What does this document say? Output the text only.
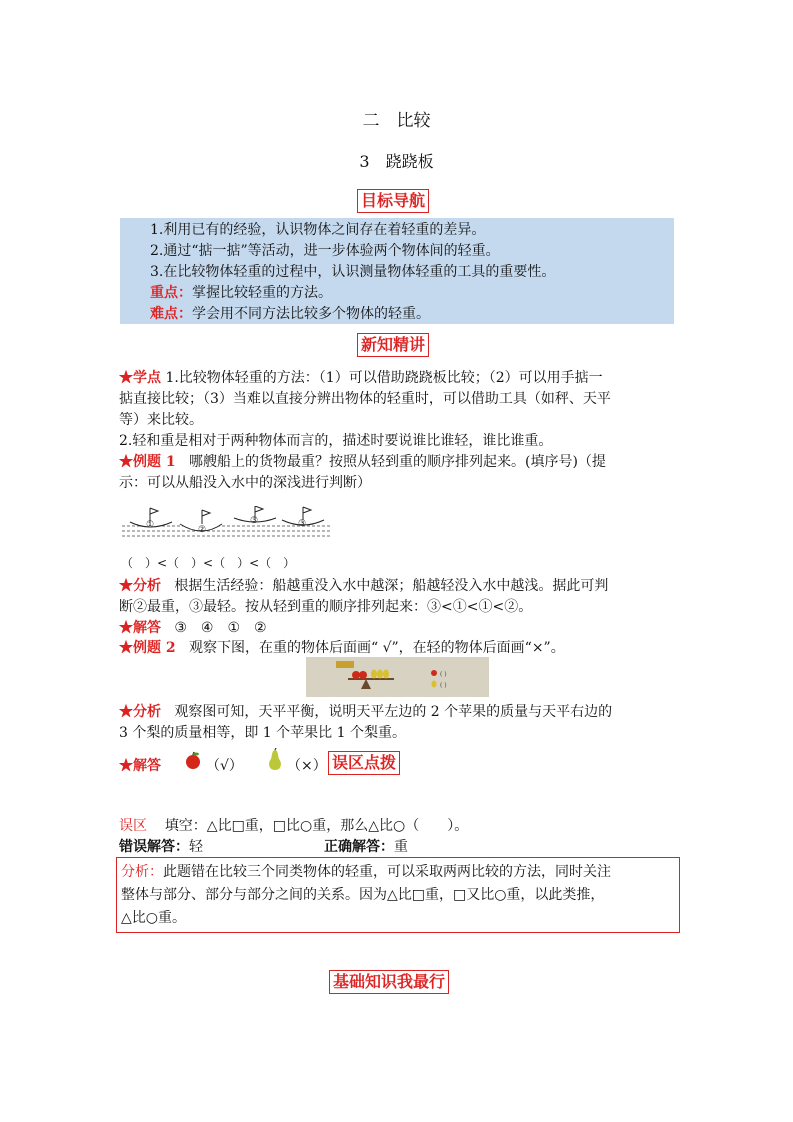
二　比较
3　跷跷板
目标导航
1.利用已有的经验，认识物体之间存在着轻重的差异。
2.通过“掂一掂”等活动，进一步体验两个物体间的轻重。
3.在比较物体轻重的过程中，认识测量物体轻重的工具的重要性。
重点：掌握比较轻重的方法。
难点：学会用不同方法比较多个物体的轻重。
新知精讲
★学点 1.比较物体轻重的方法：（1）可以借助跷跷板比较；（2）可以用手掂一
掂直接比较；（3）当难以直接分辨出物体的轻重时，可以借助工具（如秤、天平
等）来比较。
2.轻和重是相对于两种物体而言的，描述时要说谁比谁轻，谁比谁重。
★例题 1 哪艘船上的货物最重？按照从轻到重的顺序排列起来。(填序号)（提
示：可以从船没入水中的深浅进行判断）
①	②
③	③
（　）<（　）<（　）<（　）
★分析 根据生活经验：船越重没入水中越深；船越轻没入水中越浅。据此可判
断②最重，③最轻。按从轻到重的顺序排列起来：③<①<①<②。
★解答 ③　④　①　②
★例题 2 观察下图，在重的物体后面画“ √”，在轻的物体后面画“×”。
( )
( )
★分析 观察图可知，天平平衡，说明天平左边的 2 个苹果的质量与天平右边的
3 个梨的质量相等，即 1 个苹果比 1 个梨重。
★解答	（√）	（×） 误区点拨
误区 填空：△比□重，□比○重，那么△比○（　　）。
错误解答：轻	正确解答：重
分析：此题错在比较三个同类物体的轻重，可以采取两两比较的方法，同时关注
整体与部分、部分与部分之间的关系。因为△比□重，□又比○重，以此类推，
△比○重。
基础知识我最行
